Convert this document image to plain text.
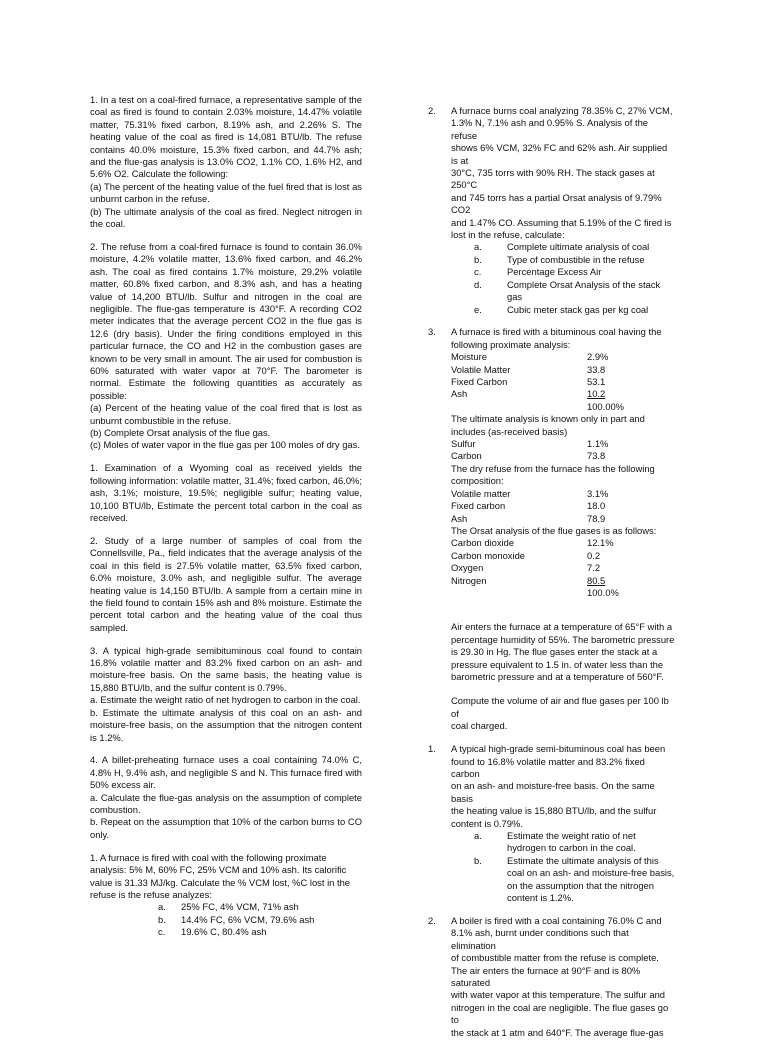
1. In a test on a coal-fired furnace, a representative sample of the coal as fired is found to contain 2.03% moisture, 14.47% volatile matter, 75.31% fixed carbon, 8.19% ash, and 2.26% S. The heating value of the coal as fired is 14,081 BTU/lb. The refuse contains 40.0% moisture, 15.3% fixed carbon, and 44.7% ash; and the flue-gas analysis is 13.0% CO2, 1.1% CO, 1.6% H2, and 5.6% O2. Calculate the following:
(a) The percent of the heating value of the fuel fired that is lost as unburnt carbon in the refuse.
(b) The ultimate analysis of the coal as fired. Neglect nitrogen in the coal.
2. The refuse from a coal-fired furnace is found to contain 36.0% moisture, 4.2% volatile matter, 13.6% fixed carbon, and 46.2% ash. The coal as fired contains 1.7% moisture, 29.2% volatile matter, 60.8% fixed carbon, and 8.3% ash, and has a heating value of 14,200 BTU/lb. Sulfur and nitrogen in the coal are negligible. The flue-gas temperature is 430°F. A recording CO2 meter indicates that the average percent CO2 in the flue gas is 12.6 (dry basis). Under the firing conditions employed in this particular furnace, the CO and H2 in the combustion gases are known to be very small in amount. The air used for combustion is 60% saturated with water vapor at 70°F. The barometer is normal. Estimate the following quantities as accurately as possible:
(a) Percent of the heating value of the coal fired that is lost as unburnt combustible in the refuse.
(b) Complete Orsat analysis of the flue gas.
(c) Moles of water vapor in the flue gas per 100 moles of dry gas.
1. Examination of a Wyoming coal as received yields the following information: volatile matter, 31.4%; fixed carbon, 46.0%; ash, 3.1%; moisture, 19.5%; negligible sulfur; heating value, 10,100 BTU/lb, Estimate the percent total carbon in the coal as received.
2. Study of a large number of samples of coal from the Connellsville, Pa., field indicates that the average analysis of the coal in this field is 27.5% volatile matter, 63.5% fixed carbon, 6.0% moisture, 3.0% ash, and negligible sulfur. The average heating value is 14,150 BTU/lb. A sample from a certain mine in the field found to contain 15% ash and 8% moisture. Estimate the percent total carbon and the heating value of the coal thus sampled.
3. A typical high-grade semibituminous coal found to contain 16.8% volatile matter and 83.2% fixed carbon on an ash- and moisture-free basis. On the same basis, the heating value is 15,880 BTU/lb, and the sulfur content is 0.79%.
a. Estimate the weight ratio of net hydrogen to carbon in the coal.
b. Estimate the ultimate analysis of this coal on an ash- and moisture-free basis, on the assumption that the nitrogen content is 1.2%.
4. A billet-preheating furnace uses a coal containing 74.0% C, 4.8% H, 9.4% ash, and negligible S and N. This furnace fired with 50% excess air.
a. Calculate the flue-gas analysis on the assumption of complete combustion.
b. Repeat on the assumption that 10% of the carbon burns to CO only.
1. A furnace is fired with coal with the following proximate analysis: 5% M, 60% FC, 25% VCM and 10% ash. Its calorific value is 31.33 MJ/kg. Calculate the % VCM lost, %C lost in the refuse is the refuse analyzes:
a.	25% FC, 4% VCM, 71% ash
b.	14.4% FC, 6% VCM, 79.6% ash
c.	19.6% C, 80.4% ash
2. A furnace burns coal analyzing 78.35% C, 27% VCM,
1.3% N, 7.1% ash and 0.95% S. Analysis of the refuse
shows 6% VCM, 32% FC and 62% ash. Air supplied is at
30°C, 735 torrs with 90% RH. The stack gases at 250°C
and 745 torrs has a partial Orsat analysis of 9.79% CO2
and 1.47% CO. Assuming that 5.19% of the C fired is
lost in the refuse, calculate:
a.	Complete ultimate analysis of coal
b.	Type of combustible in the refuse
c.	Percentage Excess Air
d.	Complete Orsat Analysis of the stack gas
e.	Cubic meter stack gas per kg coal
3. A furnace is fired with a bituminous coal having the
following proximate analysis:
Moisture	2.9%
Volatile Matter	33.8
Fixed Carbon	53.1
Ash	10.2
100.00%
The ultimate analysis is known only in part and
includes (as-received basis)
Sulfur	1.1%
Carbon	73.8
The dry refuse from the furnace has the following
composition:
Volatile matter	3.1%
Fixed carbon	18.0
Ash	78.9
The Orsat analysis of the flue gases is as follows:
Carbon dioxide	12.1%
Carbon monoxide	0.2
Oxygen	7.2
Nitrogen	80.5
100.0%
Air enters the furnace at a temperature of 65°F with a
percentage humidity of 55%. The barometric pressure
is 29.30 in Hg. The flue gases enter the stack at a
pressure equivalent to 1.5 in. of water less than the
barometric pressure and at a temperature of 560°F.
Compute the volume of air and flue gases per 100 lb of
coal charged.
1. A typical high-grade semi-bituminous coal has been
found to 16.8% volatile matter and 83.2% fixed carbon
on an ash- and moisture-free basis. On the same basis
the heating value is 15,880 BTU/lb, and the sulfur
content is 0.79%.
a.	Estimate the weight ratio of net hydrogen to carbon in the coal.
b.	Estimate the ultimate analysis of this coal on an ash- and moisture-free basis, on the assumption that the nitrogen content is 1.2%.
2. A boiler is fired with a coal containing 76.0% C and
8.1% ash, burnt under conditions such that elimination
of combustible matter from the refuse is complete.
The air enters the furnace at 90°F and is 80% saturated
with water vapor at this temperature. The sulfur and
nitrogen in the coal are negligible. The flue gases go to
the stack at 1 atm and 640°F. The average flue-gas
